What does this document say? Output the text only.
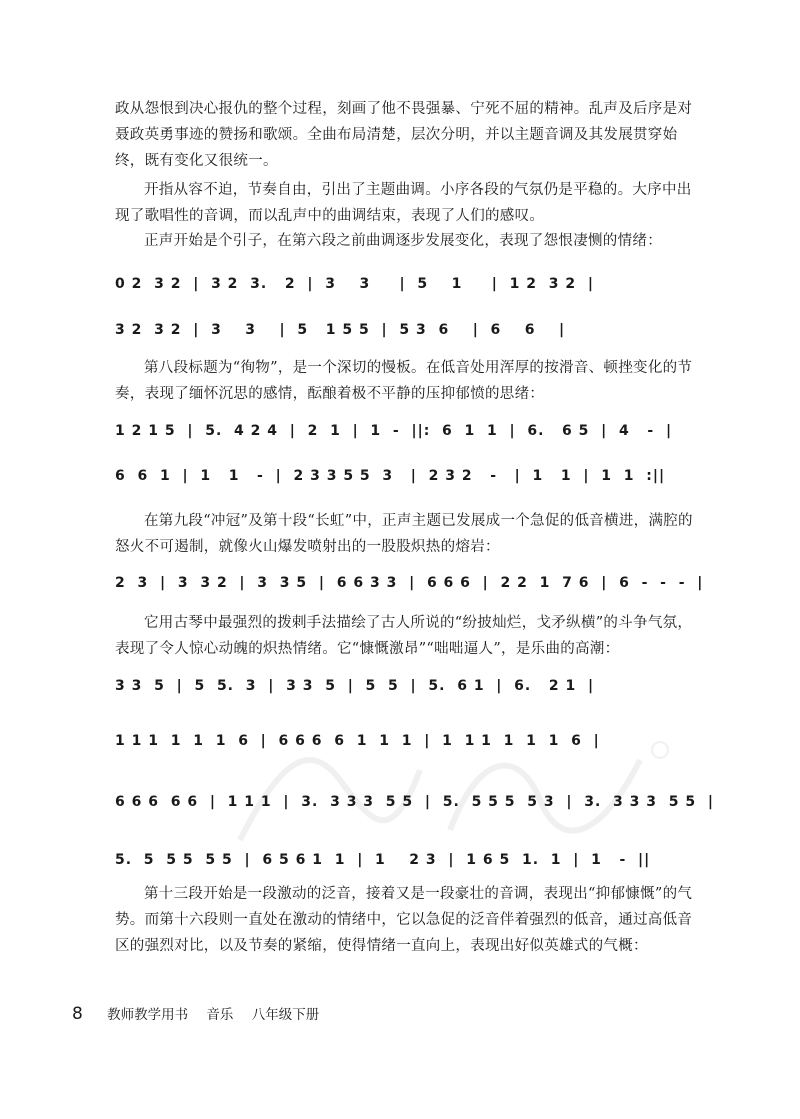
政从怨恨到决心报仇的整个过程，刻画了他不畏强暴、宁死不屈的精神。乱声及后序是对聂政英勇事迹的赞扬和歌颂。全曲布局清楚，层次分明，并以主题音调及其发展贯穿始终，既有变化又很统一。

开指从容不迫，节奏自由，引出了主题曲调。小序各段的气氛仍是平稳的。大序中出现了歌唱性的音调，而以乱声中的曲调结束，表现了人们的感叹。

正声开始是个引子，在第六段之前曲调逐步发展变化，表现了怨恨凄恻的情绪：

0 2  3 2  |  3 2  3.   2  |  3    3     |  5    1     |  1 2  3 2  |
3 2  3 2  |  3    3    |  5   1 5 5  |  5 3  6    |  6    6    |

第八段标题为“徇物”，是一个深切的慢板。在低音处用浑厚的按滑音、顿挫变化的节奏，表现了缅怀沉思的感情，酝酿着极不平静的压抑郁愤的思绪：

1 2 1 5  |  5.  4 2 4  |  2  1  |  1  -  ||:  6  1  1  |  6.   6 5  |  4   -  |
6  6  1  |  1   1   -  |  2 3 3 5 5  3   |  2 3 2   -   |  1   1  |  1  1  :||

在第九段“冲冠”及第十段“长虹”中，正声主题已发展成一个急促的低音横进，满腔的怒火不可遏制，就像火山爆发喷射出的一股股炽热的熔岩：

2  3  |  3  3 2  |  3  3 5  |  6 6 3 3  |  6 6 6  |  2 2  1  7 6  |  6  -  -  -  |

它用古琴中最强烈的拨剌手法描绘了古人所说的“纷披灿烂，戈矛纵横”的斗争气氛，表现了令人惊心动魄的炽热情绪。它“慷慨激昂”“咄咄逼人”，是乐曲的高潮：

3 3  5  |  5  5.  3  |  3 3  5  |  5  5  |  5.  6 1  |  6.   2 1  |
1 1 1  1  1  1  6  |  6 6 6  6  1  1  1  |  1  1 1  1  1  1  6  |
6 6 6  6 6  |  1 1 1  |  3.  3 3 3  5 5  |  5.  5 5 5  5 3  |  3.  3 3 3  5 5  |
5.  5  5 5  5 5  |  6 5 6 1  1  |  1    2 3  |  1 6 5  1.  1  |  1   -  ||

第十三段开始是一段激动的泛音，接着又是一段豪壮的音调，表现出“抑郁慷慨”的气势。而第十六段则一直处在激动的情绪中，它以急促的泛音伴着强烈的低音，通过高低音区的强烈对比，以及节奏的紧缩，使得情绪一直向上，表现出好似英雄式的气概：

8 教师教学用书 音乐 八年级下册
